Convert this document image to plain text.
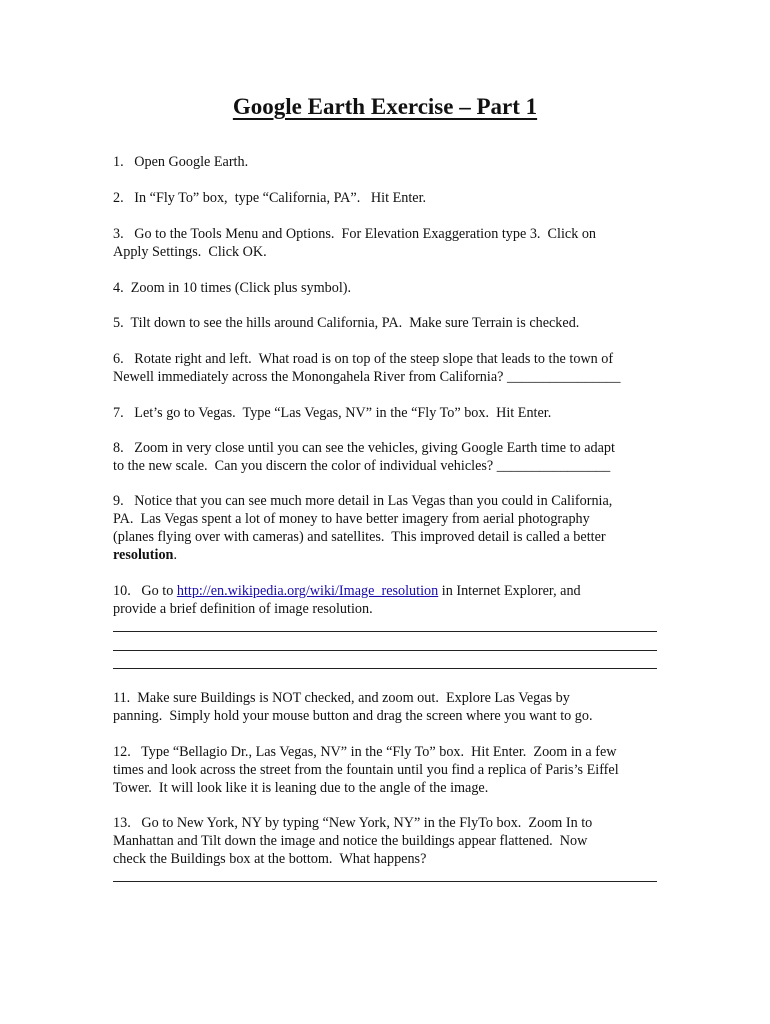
Google Earth Exercise – Part 1
1.   Open Google Earth.
2.   In “Fly To” box,  type “California, PA”.   Hit Enter.
3.   Go to the Tools Menu and Options.  For Elevation Exaggeration type 3.  Click on
Apply Settings.  Click OK.
4.  Zoom in 10 times (Click plus symbol).
5.  Tilt down to see the hills around California, PA.  Make sure Terrain is checked.
6.   Rotate right and left.  What road is on top of the steep slope that leads to the town of
Newell immediately across the Monongahela River from California? ________________
7.   Let’s go to Vegas.  Type “Las Vegas, NV” in the “Fly To” box.  Hit Enter.
8.   Zoom in very close until you can see the vehicles, giving Google Earth time to adapt
to the new scale.  Can you discern the color of individual vehicles? ________________
9.   Notice that you can see much more detail in Las Vegas than you could in California,
PA.  Las Vegas spent a lot of money to have better imagery from aerial photography
(planes flying over with cameras) and satellites.  This improved detail is called a better
resolution.
10.   Go to http://en.wikipedia.org/wiki/Image_resolution in Internet Explorer, and
provide a brief definition of image resolution.
11.  Make sure Buildings is NOT checked, and zoom out.  Explore Las Vegas by
panning.  Simply hold your mouse button and drag the screen where you want to go.
12.   Type “Bellagio Dr., Las Vegas, NV” in the “Fly To” box.  Hit Enter.  Zoom in a few
times and look across the street from the fountain until you find a replica of Paris’s Eiffel
Tower.  It will look like it is leaning due to the angle of the image.
13.   Go to New York, NY by typing “New York, NY” in the FlyTo box.  Zoom In to
Manhattan and Tilt down the image and notice the buildings appear flattened.  Now
check the Buildings box at the bottom.  What happens?
